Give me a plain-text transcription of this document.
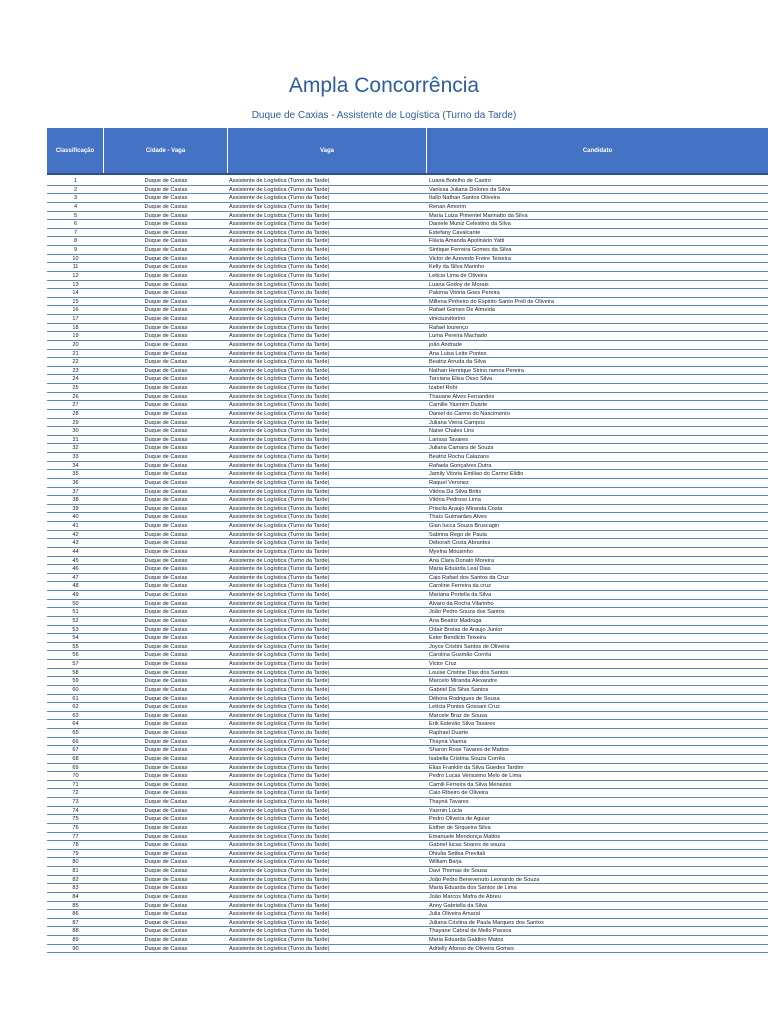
Ampla Concorrência
Duque de Caxias - Assistente de Logística (Turno da Tarde)
Classificação	Cidade - Vaga	Vaga	Candidato
1	Duque de Caxias	Assistente de Logística (Turno da Tarde)	Luana Botelho de Castro
2	Duque de Caxias	Assistente de Logística (Turno da Tarde)	Vanissa Juliana Dolores da Silva
3	Duque de Caxias	Assistente de Logística (Turno da Tarde)	Itallo Nathan Santos Oliveira
4	Duque de Caxias	Assistente de Logística (Turno da Tarde)	Renan Amorim
5	Duque de Caxias	Assistente de Logística (Turno da Tarde)	Maria Luiza Pimentel Marinatto da Silva
6	Duque de Caxias	Assistente de Logística (Turno da Tarde)	Daniele Muniz Celestino da Silva
7	Duque de Caxias	Assistente de Logística (Turno da Tarde)	Estefany Cavalcante
8	Duque de Caxias	Assistente de Logística (Turno da Tarde)	Flávia Amanda Apolinário Yatti
9	Duque de Caxias	Assistente de Logística (Turno da Tarde)	Sintique Ferreira Gomes da Silva
10	Duque de Caxias	Assistente de Logística (Turno da Tarde)	Victor de Azevedo Freire Teixeira
11	Duque de Caxias	Assistente de Logística (Turno da Tarde)	Kelly da Silva Marinho
12	Duque de Caxias	Assistente de Logística (Turno da Tarde)	Leticia Lima de Oliveira
13	Duque de Caxias	Assistente de Logística (Turno da Tarde)	Luana Godoy de Morais
14	Duque de Caxias	Assistente de Logística (Turno da Tarde)	Paloma Vitória Goes Pereira
15	Duque de Caxias	Assistente de Logística (Turno da Tarde)	Millena Pinheiro do Espirito Santo Prell de Oliveira
16	Duque de Caxias	Assistente de Logística (Turno da Tarde)	Rafael Gomes De Almeida
17	Duque de Caxias	Assistente de Logística (Turno da Tarde)	viniciusvitorino
18	Duque de Caxias	Assistente de Logística (Turno da Tarde)	Rafael lourenço
19	Duque de Caxias	Assistente de Logística (Turno da Tarde)	Luma Pereira Machado
20	Duque de Caxias	Assistente de Logística (Turno da Tarde)	joão Andrade
21	Duque de Caxias	Assistente de Logística (Turno da Tarde)	Ana Luisa Leite Pontes
22	Duque de Caxias	Assistente de Logística (Turno da Tarde)	Beatriz Arruda da Silva
23	Duque de Caxias	Assistente de Logística (Turno da Tarde)	Nathan Henrique Sirino ramos Pereira
24	Duque de Caxias	Assistente de Logística (Turno da Tarde)	Tarciana Elisa Osso Silva
25	Duque de Caxias	Assistente de Logística (Turno da Tarde)	Izabel Rohr
26	Duque de Caxias	Assistente de Logística (Turno da Tarde)	Thauane Alves Fernandes
27	Duque de Caxias	Assistente de Logística (Turno da Tarde)	Camille Yasmim Duarte
28	Duque de Caxias	Assistente de Logística (Turno da Tarde)	Daniel do Carmo do Nascimento
29	Duque de Caxias	Assistente de Logística (Turno da Tarde)	Juliana Vieira Campos
30	Duque de Caxias	Assistente de Logística (Turno da Tarde)	Naise Chales Lins
31	Duque de Caxias	Assistente de Logística (Turno da Tarde)	Larissa Tavares
32	Duque de Caxias	Assistente de Logística (Turno da Tarde)	Juliana Camara de Souza
33	Duque de Caxias	Assistente de Logística (Turno da Tarde)	Beatriz Rocha Calazans
34	Duque de Caxias	Assistente de Logística (Turno da Tarde)	Rafaela Gonçalves Dutra
35	Duque de Caxias	Assistente de Logística (Turno da Tarde)	Jamily Vitoria Emiliao do Carmo Elidio
36	Duque de Caxias	Assistente de Logística (Turno da Tarde)	Raquel Veronez
37	Duque de Caxias	Assistente de Logística (Turno da Tarde)	Vitória Da Silva Britis
38	Duque de Caxias	Assistente de Logística (Turno da Tarde)	Vitória Pedroso Lima
39	Duque de Caxias	Assistente de Logística (Turno da Tarde)	Priscila Araujo Miranda Costa
40	Duque de Caxias	Assistente de Logística (Turno da Tarde)	Thaís Guimarães Alves
41	Duque de Caxias	Assistente de Logística (Turno da Tarde)	Gian lucca Souza Bruscagin
42	Duque de Caxias	Assistente de Logística (Turno da Tarde)	Sabrina Rego de Paula
43	Duque de Caxias	Assistente de Logística (Turno da Tarde)	Déborah Costa Abrantes
44	Duque de Caxias	Assistente de Logística (Turno da Tarde)	Myelna Mousinho
45	Duque de Caxias	Assistente de Logística (Turno da Tarde)	Ana Clara Donato Moreira
46	Duque de Caxias	Assistente de Logística (Turno da Tarde)	Maria Eduarda Leal Dias
47	Duque de Caxias	Assistente de Logística (Turno da Tarde)	Caio Rafael dos Santos da Cruz
48	Duque de Caxias	Assistente de Logística (Turno da Tarde)	Caroline Ferreira da cruz
49	Duque de Caxias	Assistente de Logística (Turno da Tarde)	Mariana Portella da Silva
50	Duque de Caxias	Assistente de Logística (Turno da Tarde)	Alvaro da Rocha Vilarinho
51	Duque de Caxias	Assistente de Logística (Turno da Tarde)	João Pedro Souza dos Santos
52	Duque de Caxias	Assistente de Logística (Turno da Tarde)	Ana Beatriz Madruga
53	Duque de Caxias	Assistente de Logística (Turno da Tarde)	Odair Bretas de Araujo Junior
54	Duque de Caxias	Assistente de Logística (Turno da Tarde)	Ester Bendicto Teixeira
55	Duque de Caxias	Assistente de Logística (Turno da Tarde)	Joyce Cristini Santos de Oliveira
56	Duque de Caxias	Assistente de Logística (Turno da Tarde)	Carolina Gusmão Corrêa
57	Duque de Caxias	Assistente de Logística (Turno da Tarde)	Victor Cruz
58	Duque de Caxias	Assistente de Logística (Turno da Tarde)	Louise Cristine Dias dos Santos
59	Duque de Caxias	Assistente de Logística (Turno da Tarde)	Marcelo Miranda Alexandre
60	Duque de Caxias	Assistente de Logística (Turno da Tarde)	Gabriel Da Silva Santos
61	Duque de Caxias	Assistente de Logística (Turno da Tarde)	Débora Rodrigues de Sousa
62	Duque de Caxias	Assistente de Logística (Turno da Tarde)	Letícia Pontes Gossani Cruz
63	Duque de Caxias	Assistente de Logística (Turno da Tarde)	Marcele Braz de Sousa
64	Duque de Caxias	Assistente de Logística (Turno da Tarde)	Erik Estevão Silva Tavares
65	Duque de Caxias	Assistente de Logística (Turno da Tarde)	Raphael Duarte
66	Duque de Caxias	Assistente de Logística (Turno da Tarde)	Thayná Vianna
67	Duque de Caxias	Assistente de Logística (Turno da Tarde)	Sharon Rose Tavares de Mattos
68	Duque de Caxias	Assistente de Logística (Turno da Tarde)	Isabella Cristina Souza Corrêa
69	Duque de Caxias	Assistente de Logística (Turno da Tarde)	Elias Franklin da Silva Guedes Tardim
70	Duque de Caxias	Assistente de Logística (Turno da Tarde)	Pedro Lucas Verissimo Melo de Lima
71	Duque de Caxias	Assistente de Logística (Turno da Tarde)	Camili Ferreira da Silva Menezes
72	Duque de Caxias	Assistente de Logística (Turno da Tarde)	Caio Ribeiro de Oliveira
73	Duque de Caxias	Assistente de Logística (Turno da Tarde)	Thayná Tavares
74	Duque de Caxias	Assistente de Logística (Turno da Tarde)	Yasmin Lúcia
75	Duque de Caxias	Assistente de Logística (Turno da Tarde)	Pedro Oliveira de Aguiar
76	Duque de Caxias	Assistente de Logística (Turno da Tarde)	Esther de Sirqueira Silva
77	Duque de Caxias	Assistente de Logística (Turno da Tarde)	Emanuele Mendonça Mattos
78	Duque de Caxias	Assistente de Logística (Turno da Tarde)	Gabriel lucas Soares de souza
79	Duque de Caxias	Assistente de Logística (Turno da Tarde)	Dhiulia Setiba Previtali
80	Duque de Caxias	Assistente de Logística (Turno da Tarde)	William Barja
81	Duque de Caxias	Assistente de Logística (Turno da Tarde)	Davi Thomas de Sousa
82	Duque de Caxias	Assistente de Logística (Turno da Tarde)	João Pedro Benevenuto Leonardo de Souza
83	Duque de Caxias	Assistente de Logística (Turno da Tarde)	Maria Eduarda dos Santos de Lima
84	Duque de Caxias	Assistente de Logística (Turno da Tarde)	João Marcos Mafra de Abreu
85	Duque de Caxias	Assistente de Logística (Turno da Tarde)	Anny Gabriella da Silva
86	Duque de Caxias	Assistente de Logística (Turno da Tarde)	Julia Oliveira Amaral
87	Duque de Caxias	Assistente de Logística (Turno da Tarde)	Juliana Cristina de Paula Marques dos Santos
88	Duque de Caxias	Assistente de Logística (Turno da Tarde)	Thayane Cabral de Mello Passos
89	Duque de Caxias	Assistente de Logística (Turno da Tarde)	Maria Eduarda Galdino Matos
90	Duque de Caxias	Assistente de Logística (Turno da Tarde)	Adrielly Afonso de Oliveira Gomes
